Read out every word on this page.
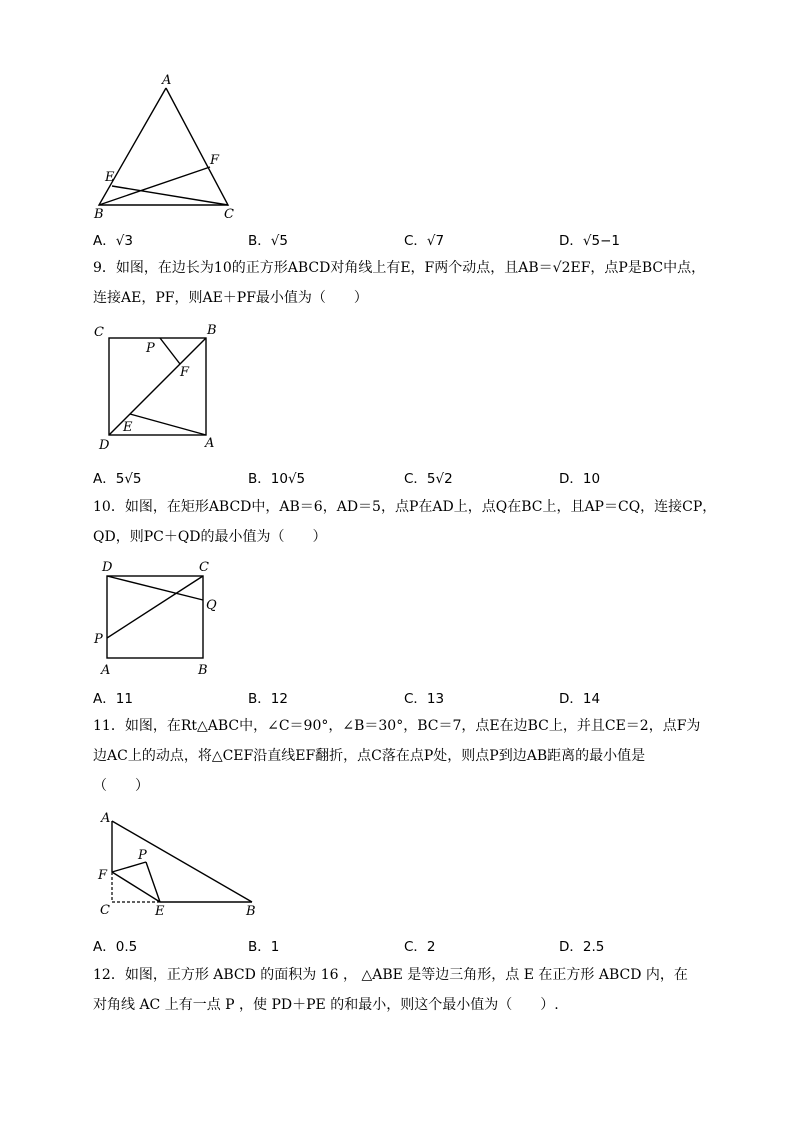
A
F
E
B	C
A．√3	B．√5	C．√7	D．√5−1
9．如图，在边长为10的正方形ABCD对角线上有E，F两个动点，且AB＝√2EF，点P是BC中点，
连接AE，PF，则AE＋PF最小值为（　　）
C	B
P
F
E
D	A
A．5√5	B．10√5	C．5√2	D．10
10．如图，在矩形ABCD中，AB＝6，AD＝5，点P在AD上，点Q在BC上，且AP＝CQ，连接CP，
QD，则PC＋QD的最小值为（　　）
D	C
Q
P
A	B
A．11	B．12	C．13	D．14
11．如图，在Rt△ABC中，∠C＝90°，∠B＝30°，BC＝7，点E在边BC上，并且CE＝2，点F为
边AC上的动点，将△CEF沿直线EF翻折，点C落在点P处，则点P到边AB距离的最小值是
（　　）
A
P
F
C	E	B
A．0.5	B．1	C．2	D．2.5
12．如图，正方形 ABCD 的面积为 16 ， △ABE 是等边三角形，点 E 在正方形 ABCD 内，在
对角线 AC 上有一点 P ，使 PD＋PE 的和最小，则这个最小值为（　　）.
